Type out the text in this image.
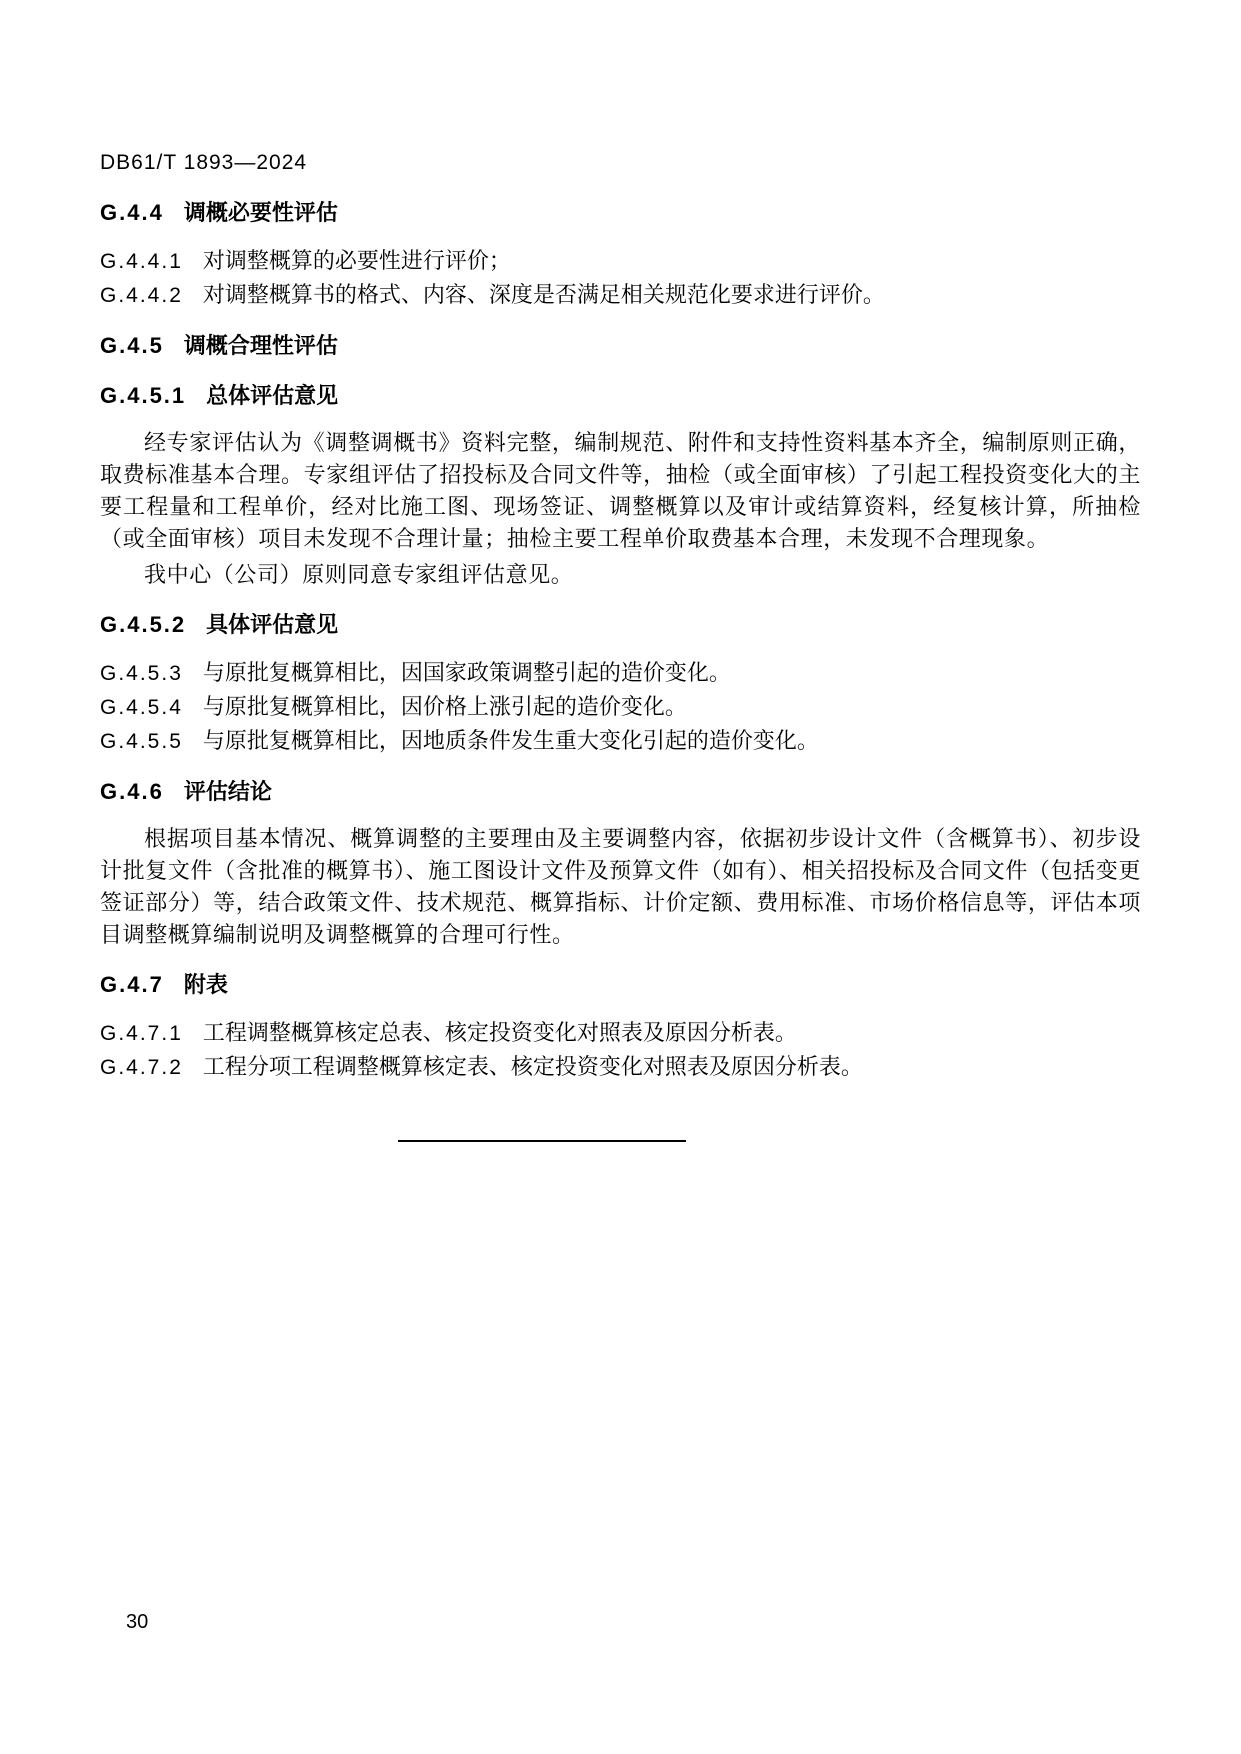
DB61/T 1893—2024
G.4.4 调概必要性评估
G.4.4.1 对调整概算的必要性进行评价；
G.4.4.2 对调整概算书的格式、内容、深度是否满足相关规范化要求进行评价。
G.4.5 调概合理性评估
G.4.5.1 总体评估意见
经专家评估认为《调整调概书》资料完整，编制规范、附件和支持性资料基本齐全，编制原则正确，取费标准基本合理。专家组评估了招投标及合同文件等，抽检（或全面审核）了引起工程投资变化大的主要工程量和工程单价，经对比施工图、现场签证、调整概算以及审计或结算资料，经复核计算，所抽检（或全面审核）项目未发现不合理计量；抽检主要工程单价取费基本合理，未发现不合理现象。
我中心（公司）原则同意专家组评估意见。
G.4.5.2 具体评估意见
G.4.5.3 与原批复概算相比，因国家政策调整引起的造价变化。
G.4.5.4 与原批复概算相比，因价格上涨引起的造价变化。
G.4.5.5 与原批复概算相比，因地质条件发生重大变化引起的造价变化。
G.4.6 评估结论
根据项目基本情况、概算调整的主要理由及主要调整内容，依据初步设计文件（含概算书）、初步设计批复文件（含批准的概算书）、施工图设计文件及预算文件（如有）、相关招投标及合同文件（包括变更签证部分）等，结合政策文件、技术规范、概算指标、计价定额、费用标准、市场价格信息等，评估本项目调整概算编制说明及调整概算的合理可行性。
G.4.7 附表
G.4.7.1 工程调整概算核定总表、核定投资变化对照表及原因分析表。
G.4.7.2 工程分项工程调整概算核定表、核定投资变化对照表及原因分析表。
30
